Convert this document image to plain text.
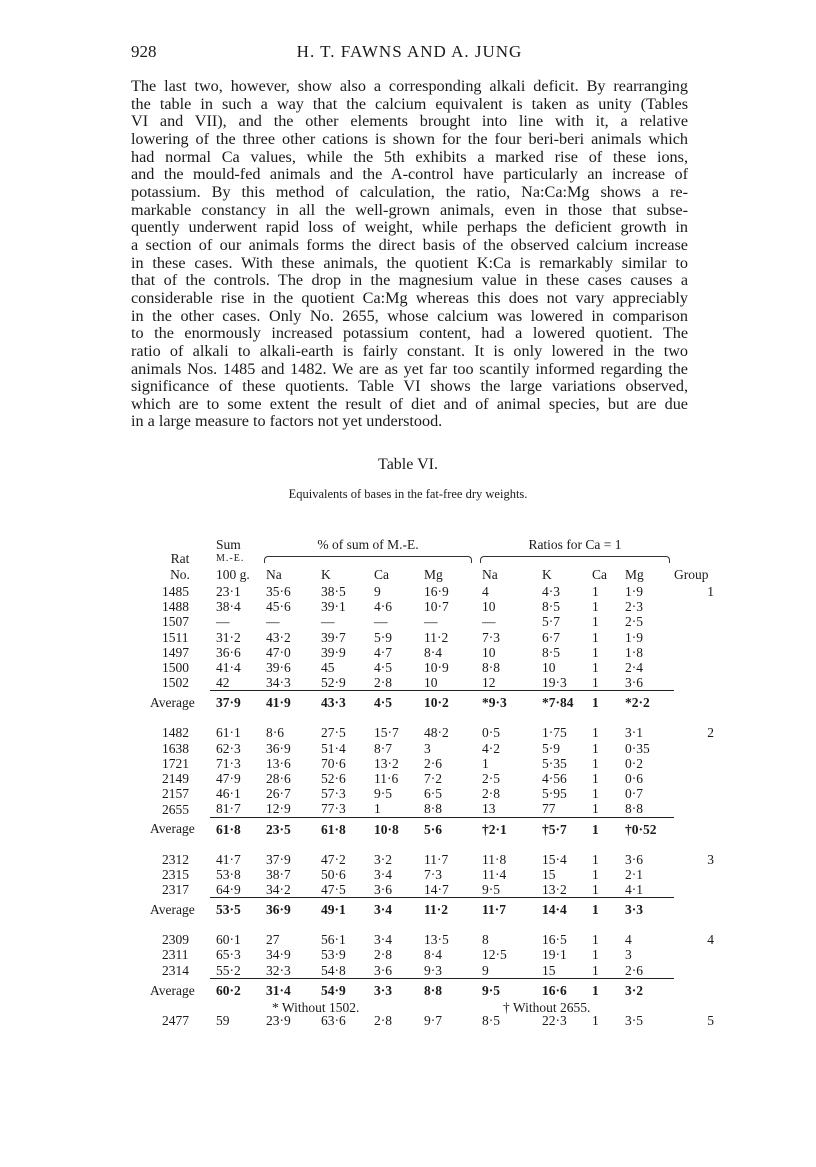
928	H. T. FAWNS AND A. JUNG
The last two, however, show also a corresponding alkali deficit. By rearranging
the table in such a way that the calcium equivalent is taken as unity (Tables
VI and VII), and the other elements brought into line with it, a relative
lowering of the three other cations is shown for the four beri-beri animals which
had normal Ca values, while the 5th exhibits a marked rise of these ions,
and the mould-fed animals and the A-control have particularly an increase of
potassium. By this method of calculation, the ratio, Na:Ca:Mg shows a re-
markable constancy in all the well-grown animals, even in those that subse-
quently underwent rapid loss of weight, while perhaps the deficient growth in
a section of our animals forms the direct basis of the observed calcium increase
in these cases. With these animals, the quotient K:Ca is remarkably similar to
that of the controls. The drop in the magnesium value in these cases causes a
considerable rise in the quotient Ca:Mg whereas this does not vary appreciably
in the other cases. Only No. 2655, whose calcium was lowered in comparison
to the enormously increased potassium content, had a lowered quotient. The
ratio of alkali to alkali-earth is fairly constant. It is only lowered in the two
animals Nos. 1485 and 1482. We are as yet far too scantily informed regarding the
significance of these quotients. Table VI shows the large variations observed,
which are to some extent the result of diet and of animal species, but are due
in a large measure to factors not yet understood.
Table VI.
Equivalents of bases in the fat-free dry weights.
	Sum	% of sum of M.-E.				Ratios for Ca = 1				
Rat	M.-E.							

No.	100 g.	Na	K	Ca	Mg	Na	K	Ca	Mg	Group
1485	23·1	35·6	38·5	9	16·9	4	4·3	1	1·9	1
1488	38·4	45·6	39·1	4·6	10·7	10	8·5	1	2·3	
1507	—	—	—	—	—	—	5·7	1	2·5	
1511	31·2	43·2	39·7	5·9	11·2	7·3	6·7	1	1·9	
1497	36·6	47·0	39·9	4·7	8·4	10	8·5	1	1·8	
1500	41·4	39·6	45	4·5	10·9	8·8	10	1	2·4	
1502	42	34·3	52·9	2·8	10	12	19·3	1	3·6	
Average	37·9	41·9	43·3	4·5	10·2	*9·3	*7·84	1	*2·2	

1482	61·1	8·6	27·5	15·7	48·2	0·5	1·75	1	3·1	2
1638	62·3	36·9	51·4	8·7	3	4·2	5·9	1	0·35	
1721	71·3	13·6	70·6	13·2	2·6	1	5·35	1	0·2	
2149	47·9	28·6	52·6	11·6	7·2	2·5	4·56	1	0·6	
2157	46·1	26·7	57·3	9·5	6·5	2·8	5·95	1	0·7	
2655	81·7	12·9	77·3	1	8·8	13	77	1	8·8	
Average	61·8	23·5	61·8	10·8	5·6	†2·1	†5·7	1	†0·52	

2312	41·7	37·9	47·2	3·2	11·7	11·8	15·4	1	3·6	3
2315	53·8	38·7	50·6	3·4	7·3	11·4	15	1	2·1	
2317	64·9	34·2	47·5	3·6	14·7	9·5	13·2	1	4·1	
Average	53·5	36·9	49·1	3·4	11·2	11·7	14·4	1	3·3	

2309	60·1	27	56·1	3·4	13·5	8	16·5	1	4	4
2311	65·3	34·9	53·9	2·8	8·4	12·5	19·1	1	3	
2314	55·2	32·3	54·8	3·6	9·3	9	15	1	2·6	
Average	60·2	31·4	54·9	3·3	8·8	9·5	16·6	1	3·2	

2477	59	23·9	63·6	2·8	9·7	8·5	22·3	1	3·5	5
* Without 1502.	† Without 2655.
